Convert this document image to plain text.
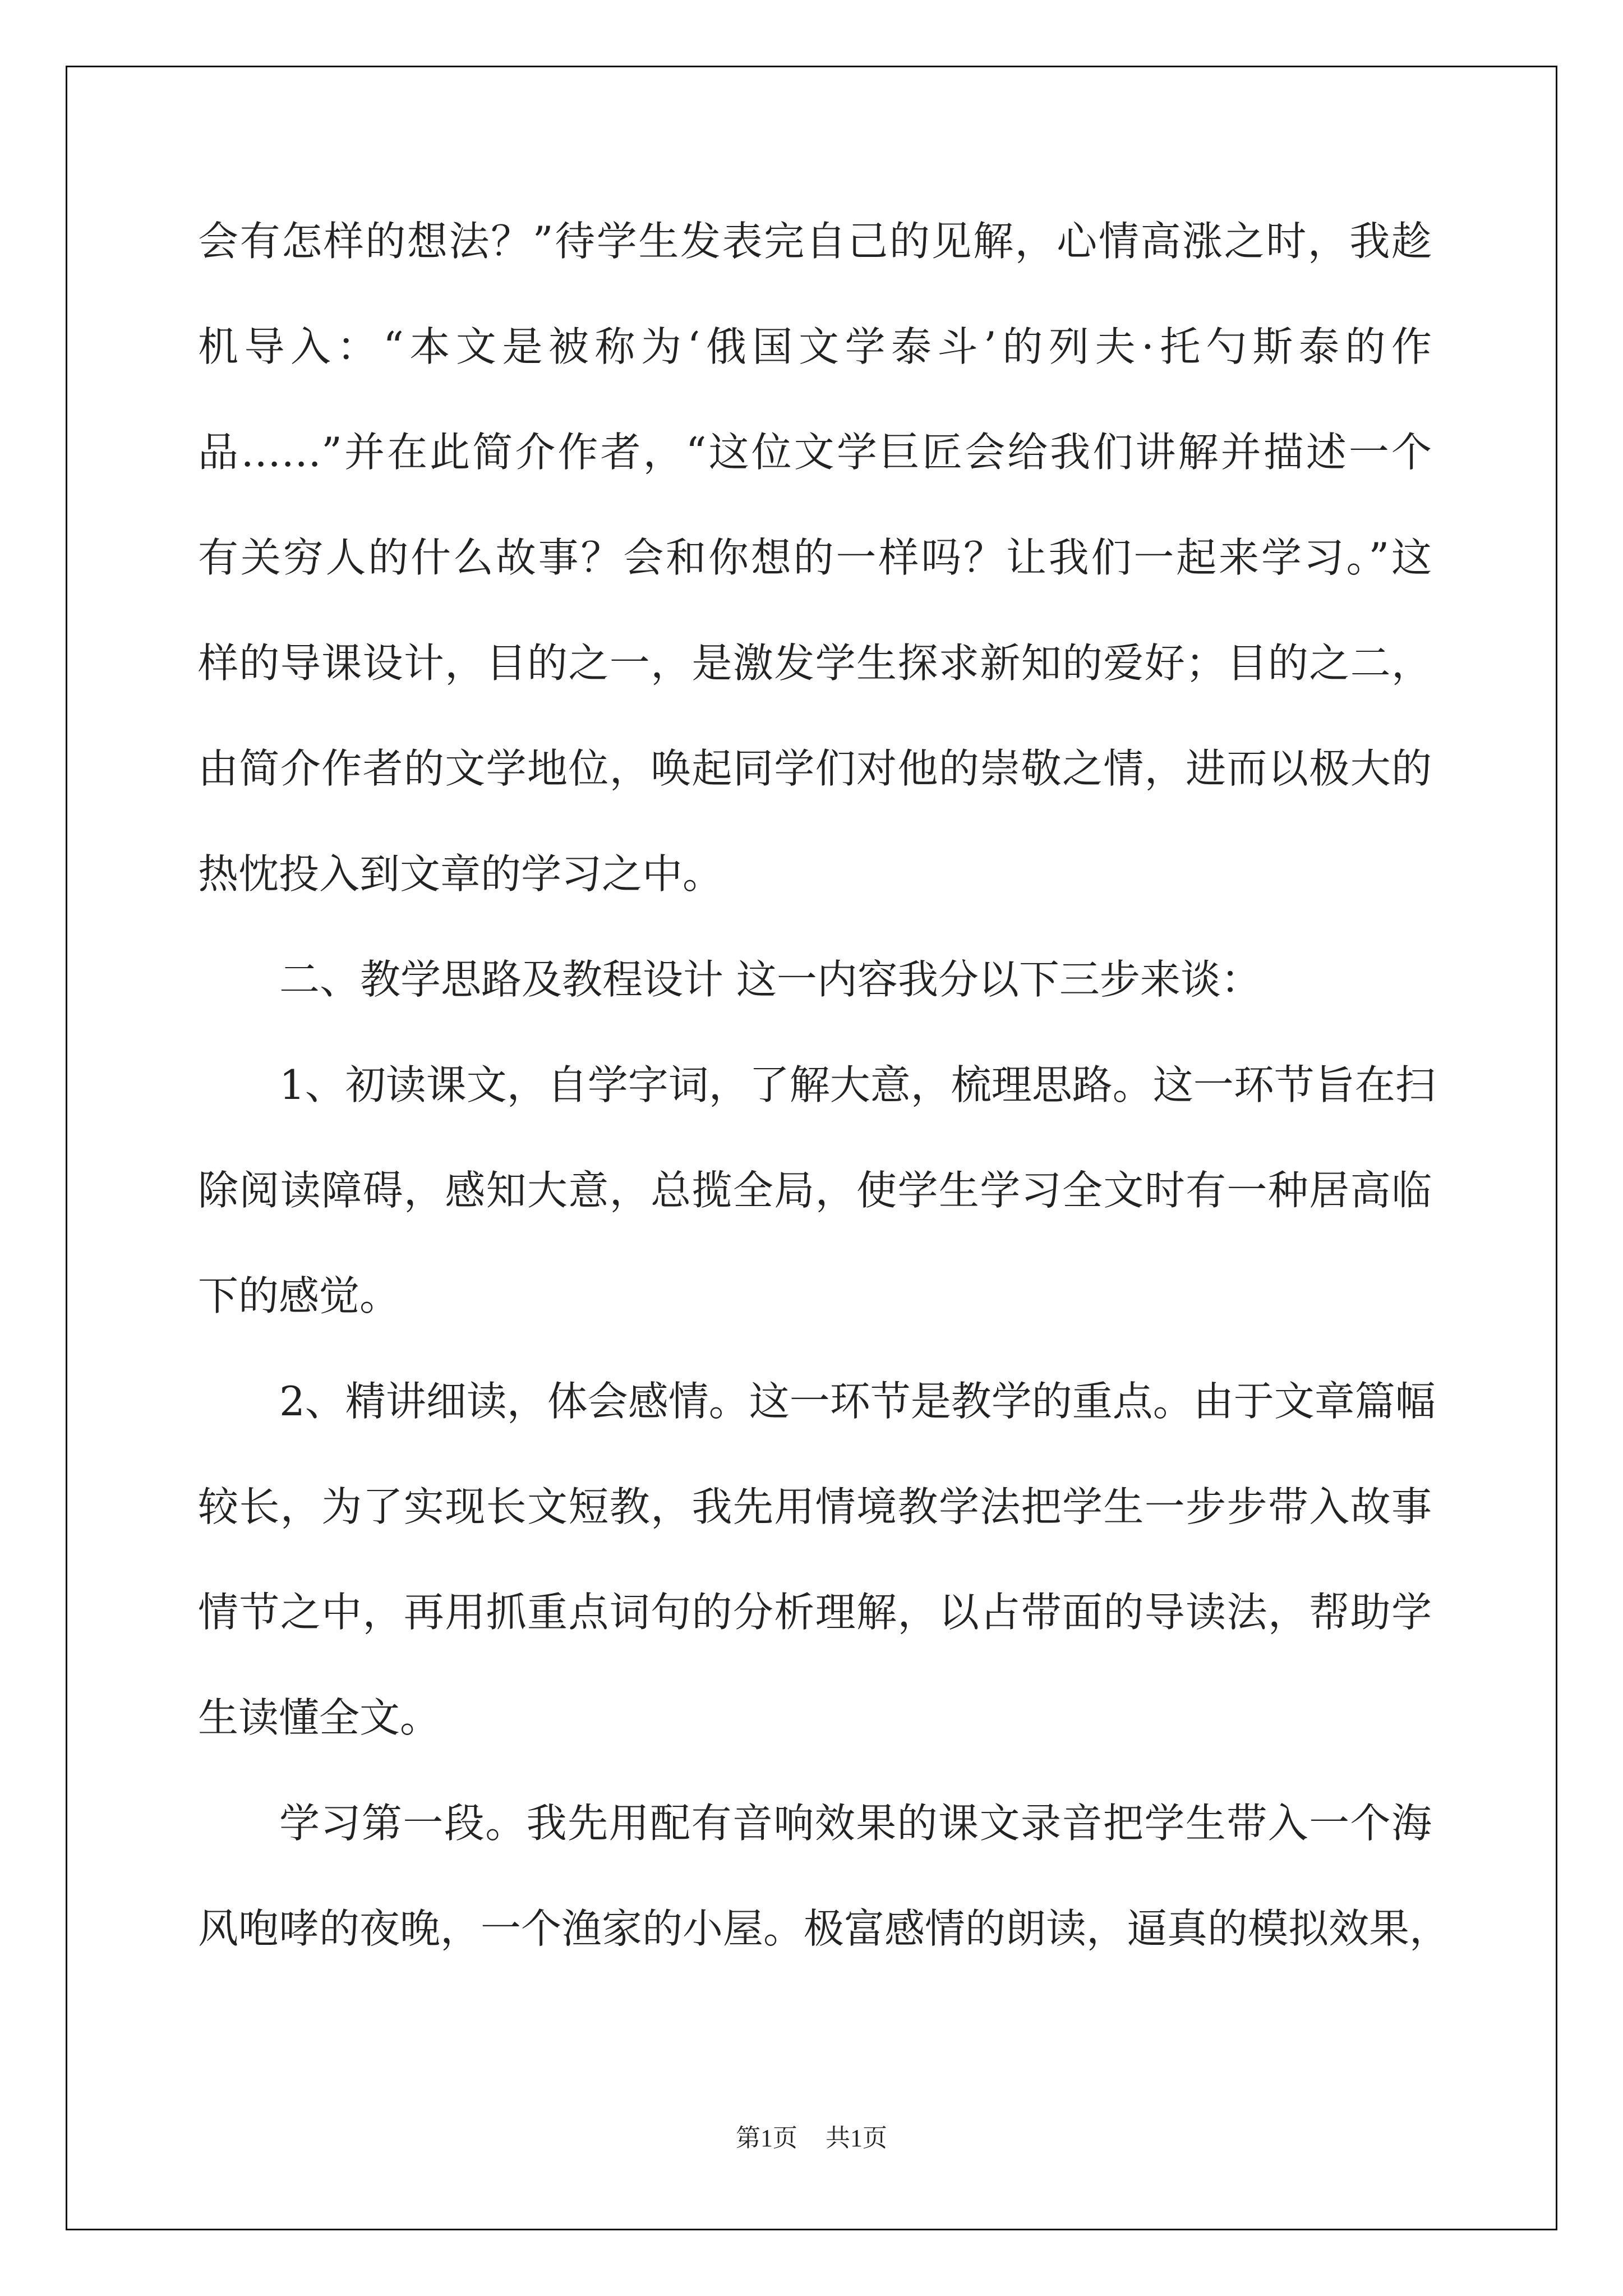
会有怎样的想法？”待学生发表完自己的见解，心情高涨之时，我趁

机导入：“本文是被称为‘俄国文学泰斗’的列夫·托勺斯泰的作

品……”并在此简介作者，“这位文学巨匠会给我们讲解并描述一个

有关穷人的什么故事？会和你想的一样吗？让我们一起来学习。”这

样的导课设计，目的之一，是激发学生探求新知的爱好；目的之二，

由简介作者的文学地位，唤起同学们对他的崇敬之情，进而以极大的

热忱投入到文章的学习之中。

二、教学思路及教程设计 这一内容我分以下三步来谈：

1、初读课文，自学字词，了解大意，梳理思路。这一环节旨在扫

除阅读障碍，感知大意，总揽全局，使学生学习全文时有一种居高临

下的感觉。

2、精讲细读，体会感情。这一环节是教学的重点。由于文章篇幅

较长，为了实现长文短教，我先用情境教学法把学生一步步带入故事

情节之中，再用抓重点词句的分析理解，以占带面的导读法，帮助学

生读懂全文。

学习第一段。我先用配有音响效果的课文录音把学生带入一个海

风咆哮的夜晚，一个渔家的小屋。极富感情的朗读，逼真的模拟效果，

第1页 共1页
